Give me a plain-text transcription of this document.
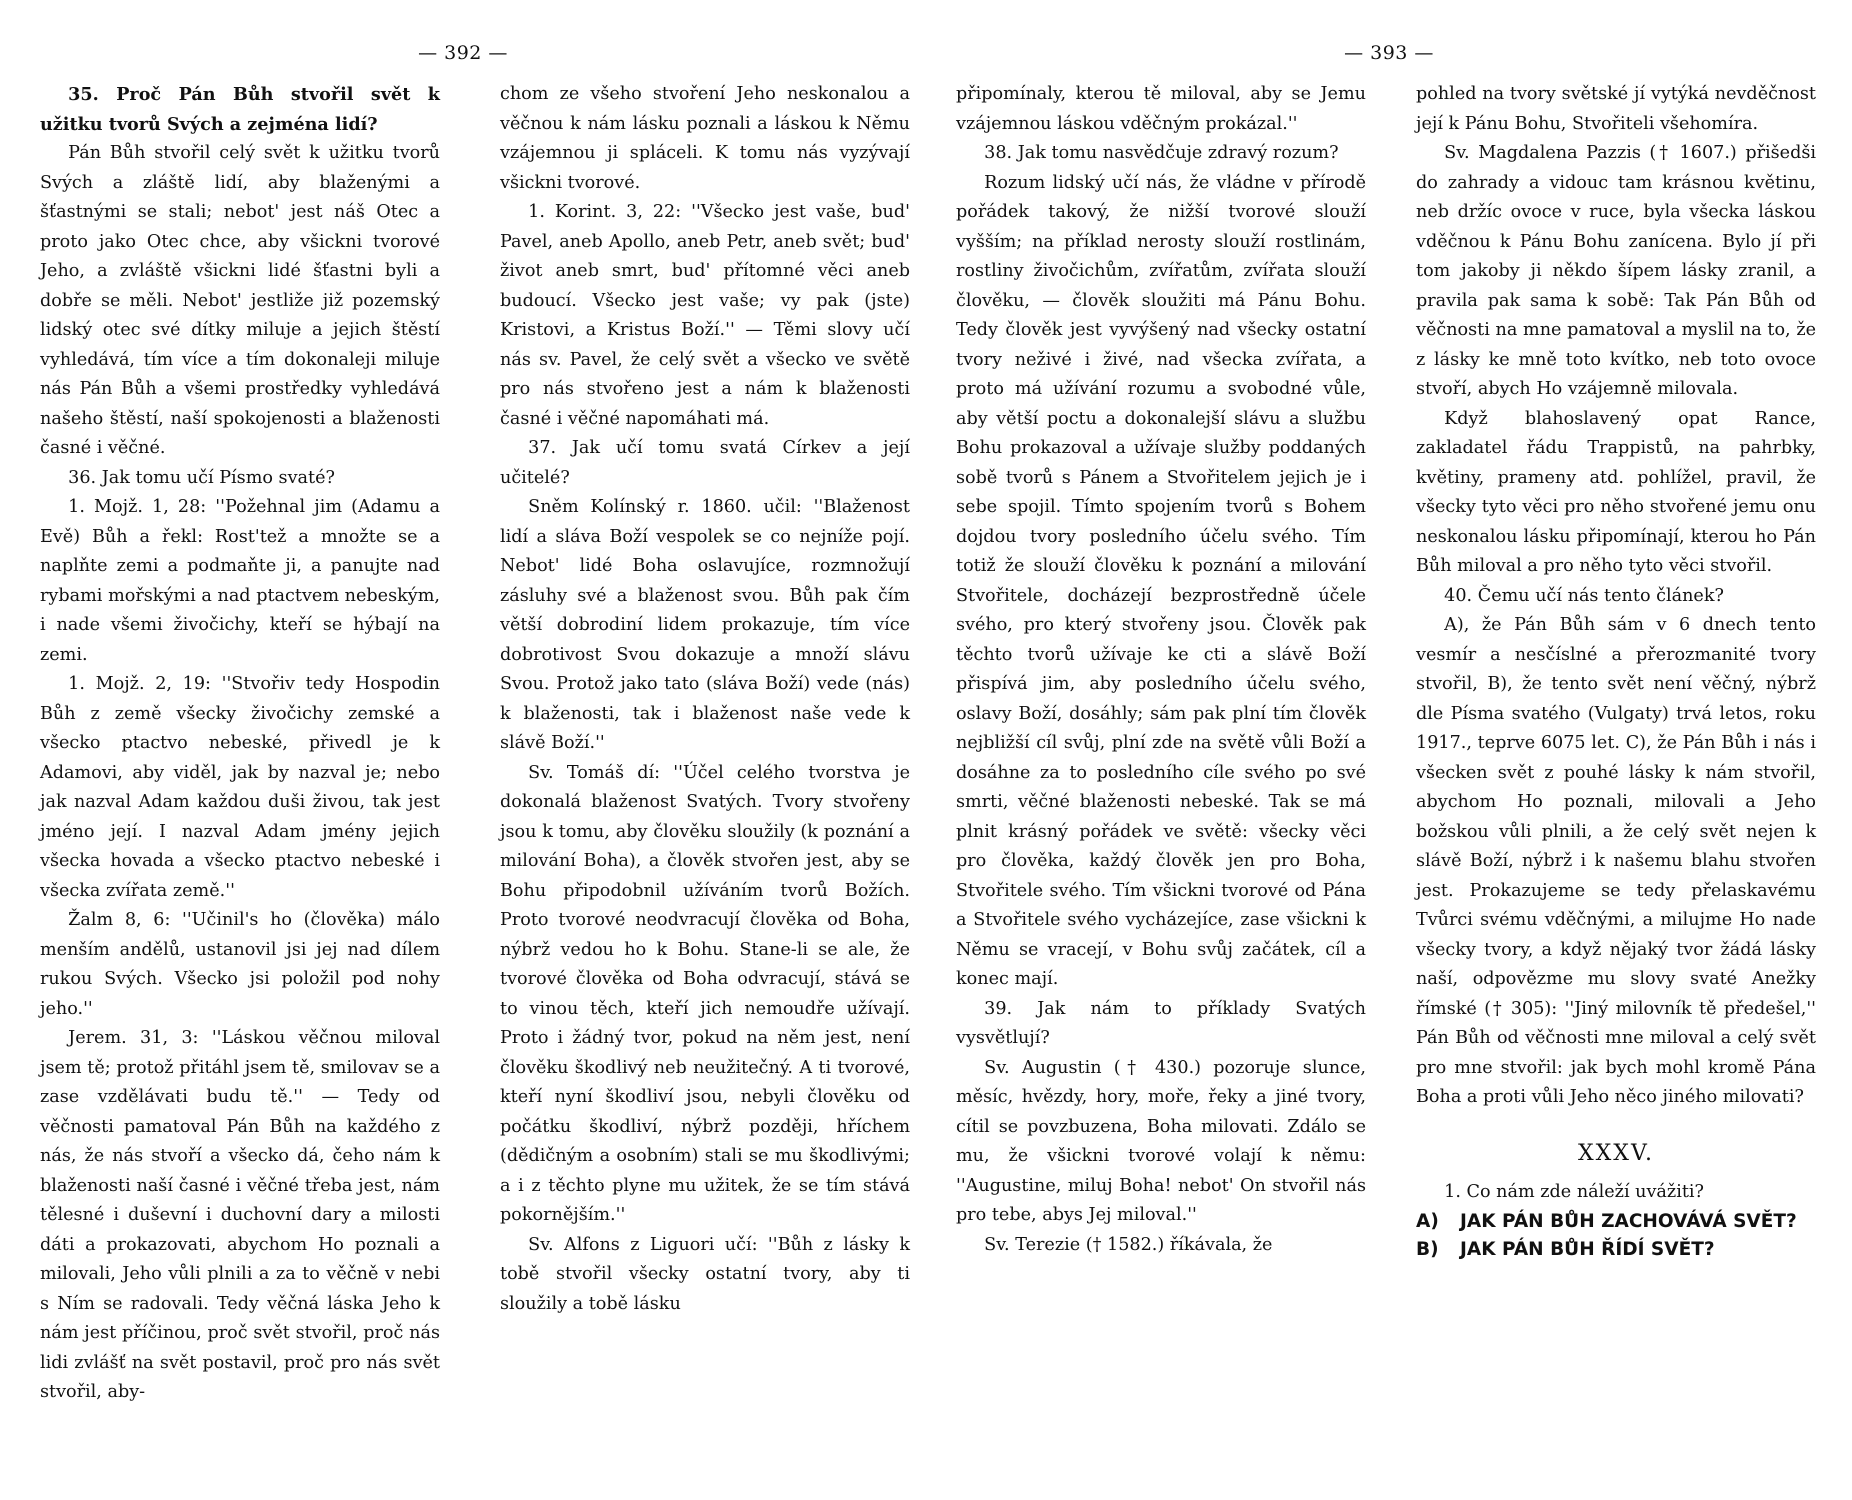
— 392 —

35. Proč Pán Bůh stvořil svět k užitku tvorů Svých a zejména lidí?

Pán Bůh stvořil celý svět k užitku tvorů Svých a zláště lidí, aby blaženými a šťastnými se stali; nebot' jest náš Otec a proto jako Otec chce, aby všickni tvorové Jeho, a zvláště všickni lidé šťastni byli a dobře se měli. Nebot' jestliže již pozemský lidský otec své dítky miluje a jejich štěstí vyhledává, tím více a tím dokonaleji miluje nás Pán Bůh a všemi prostředky vyhledává našeho štěstí, naší spokojenosti a blaženosti časné i věčné.

36. Jak tomu učí Písmo svaté?

1. Mojž. 1, 28: ''Požehnal jim (Adamu a Evě) Bůh a řekl: Rost'tež a množte se a naplňte zemi a podmaňte ji, a panujte nad rybami mořskými a nad ptactvem nebeským, i nade všemi živočichy, kteří se hýbají na zemi.

1. Mojž. 2, 19: ''Stvořiv tedy Hospodin Bůh z země všecky živočichy zemské a všecko ptactvo nebeské, přivedl je k Adamovi, aby viděl, jak by nazval je; nebo jak nazval Adam každou duši živou, tak jest jméno její. I nazval Adam jmény jejich všecka hovada a všecko ptactvo nebeské i všecka zvířata země.''

Žalm 8, 6: ''Učinil's ho (člověka) málo menším andělů, ustanovil jsi jej nad dílem rukou Svých. Všecko jsi položil pod nohy jeho.''

Jerem. 31, 3: ''Láskou věčnou miloval jsem tě; protož přitáhl jsem tě, smilovav se a zase vzdělávati budu tě.'' — Tedy od věčnosti pamatoval Pán Bůh na každého z nás, že nás stvoří a všecko dá, čeho nám k blaženosti naší časné i věčné třeba jest, nám tělesné i duševní i duchovní dary a milosti dáti a prokazovati, abychom Ho poznali a milovali, Jeho vůli plnili a za to věčně v nebi s Ním se radovali. Tedy věčná láska Jeho k nám jest příčinou, proč svět stvořil, proč nás lidi zvlášť na svět postavil, proč pro nás svět stvořil, aby-

chom ze všeho stvoření Jeho neskonalou a věčnou k nám lásku poznali a láskou k Němu vzájemnou ji spláceli. K tomu nás vyzývají všickni tvorové.

1. Korint. 3, 22: ''Všecko jest vaše, bud' Pavel, aneb Apollo, aneb Petr, aneb svět; bud' život aneb smrt, bud' přítomné věci aneb budoucí. Všecko jest vaše; vy pak (jste) Kristovi, a Kristus Boží.'' — Těmi slovy učí nás sv. Pavel, že celý svět a všecko ve světě pro nás stvořeno jest a nám k blaženosti časné i věčné napomáhati má.

37. Jak učí tomu svatá Církev a její učitelé?

Sněm Kolínský r. 1860. učil: ''Blaženost lidí a sláva Boží vespolek se co nejníže pojí. Nebot' lidé Boha oslavujíce, rozmnožují zásluhy své a blaženost svou. Bůh pak čím větší dobrodiní lidem prokazuje, tím více dobrotivost Svou dokazuje a množí slávu Svou. Protož jako tato (sláva Boží) vede (nás) k blaženosti, tak i blaženost naše vede k slávě Boží.''

Sv. Tomáš dí: ''Účel celého tvorstva je dokonalá blaženost Svatých. Tvory stvořeny jsou k tomu, aby člověku sloužily (k poznání a milování Boha), a člověk stvořen jest, aby se Bohu připodobnil užíváním tvorů Božích. Proto tvorové neodvracují člověka od Boha, nýbrž vedou ho k Bohu. Stane-li se ale, že tvorové člověka od Boha odvracují, stává se to vinou těch, kteří jich nemoudře užívají. Proto i žádný tvor, pokud na něm jest, není člověku škodlivý neb neužitečný. A ti tvorové, kteří nyní škodliví jsou, nebyli člověku od počátku škodliví, nýbrž později, hříchem (dědičným a osobním) stali se mu škodlivými; a i z těchto plyne mu užitek, že se tím stává pokornějším.''

Sv. Alfons z Liguori učí: ''Bůh z lásky k tobě stvořil všecky ostatní tvory, aby ti sloužily a tobě lásku

— 393 —

připomínaly, kterou tě miloval, aby se Jemu vzájemnou láskou vděčným prokázal.''

38. Jak tomu nasvědčuje zdravý rozum?

Rozum lidský učí nás, že vládne v přírodě pořádek takový, že nižší tvorové slouží vyšším; na příklad nerosty slouží rostlinám, rostliny živočichům, zvířatům, zvířata slouží člověku, — člověk sloužiti má Pánu Bohu. Tedy člověk jest vyvýšený nad všecky ostatní tvory neživé i živé, nad všecka zvířata, a proto má užívání rozumu a svobodné vůle, aby větší poctu a dokonalejší slávu a službu Bohu prokazoval a užívaje služby poddaných sobě tvorů s Pánem a Stvořitelem jejich je i sebe spojil. Tímto spojením tvorů s Bohem dojdou tvory posledního účelu svého. Tím totiž že slouží člověku k poznání a milování Stvořitele, docházejí bezprostředně účele svého, pro který stvořeny jsou. Člověk pak těchto tvorů užívaje ke cti a slávě Boží přispívá jim, aby posledního účelu svého, oslavy Boží, dosáhly; sám pak plní tím člověk nejbližší cíl svůj, plní zde na světě vůli Boží a dosáhne za to posledního cíle svého po své smrti, věčné blaženosti nebeské. Tak se má plnit krásný pořádek ve světě: všecky věci pro člověka, každý člověk jen pro Boha, Stvořitele svého. Tím všickni tvorové od Pána a Stvořitele svého vycházejíce, zase všickni k Němu se vracejí, v Bohu svůj začátek, cíl a konec mají.

39. Jak nám to příklady Svatých vysvětlují?

Sv. Augustin († 430.) pozoruje slunce, měsíc, hvězdy, hory, moře, řeky a jiné tvory, cítil se povzbuzena, Boha milovati. Zdálo se mu, že všickni tvorové volají k němu: ''Augustine, miluj Boha! nebot' On stvořil nás pro tebe, abys Jej miloval.''

Sv. Terezie († 1582.) říkávala, že

pohled na tvory světské jí vytýká nevděčnost její k Pánu Bohu, Stvořiteli všehomíra.

Sv. Magdalena Pazzis († 1607.) přišedši do zahrady a vidouc tam krásnou květinu, neb držíc ovoce v ruce, byla všecka láskou vděčnou k Pánu Bohu zanícena. Bylo jí při tom jakoby ji někdo šípem lásky zranil, a pravila pak sama k sobě: Tak Pán Bůh od věčnosti na mne pamatoval a myslil na to, že z lásky ke mně toto kvítko, neb toto ovoce stvoří, abych Ho vzájemně milovala.

Když blahoslavený opat Rance, zakladatel řádu Trappistů, na pahrbky, květiny, prameny atd. pohlížel, pravil, že všecky tyto věci pro něho stvořené jemu onu neskonalou lásku připomínají, kterou ho Pán Bůh miloval a pro něho tyto věci stvořil.

40. Čemu učí nás tento článek?

A), že Pán Bůh sám v 6 dnech tento vesmír a nesčíslné a přerozmanité tvory stvořil, B), že tento svět není věčný, nýbrž dle Písma svatého (Vulgaty) trvá letos, roku 1917., teprve 6075 let. C), že Pán Bůh i nás i všecken svět z pouhé lásky k nám stvořil, abychom Ho poznali, milovali a Jeho božskou vůli plnili, a že celý svět nejen k slávě Boží, nýbrž i k našemu blahu stvořen jest. Prokazujeme se tedy přelaskavému Tvůrci svému vděčnými, a milujme Ho nade všecky tvory, a když nějaký tvor žádá lásky naší, odpovězme mu slovy svaté Anežky římské († 305): ''Jiný milovník tě předešel,'' Pán Bůh od věčnosti mne miloval a celý svět pro mne stvořil: jak bych mohl kromě Pána Boha a proti vůli Jeho něco jiného milovati?

XXXV.

1. Co nám zde náleží uvážiti?

A)	JAK PÁN BŮH ZACHOVÁVÁ SVĚT?
B)	JAK PÁN BŮH ŘÍDÍ SVĚT?
